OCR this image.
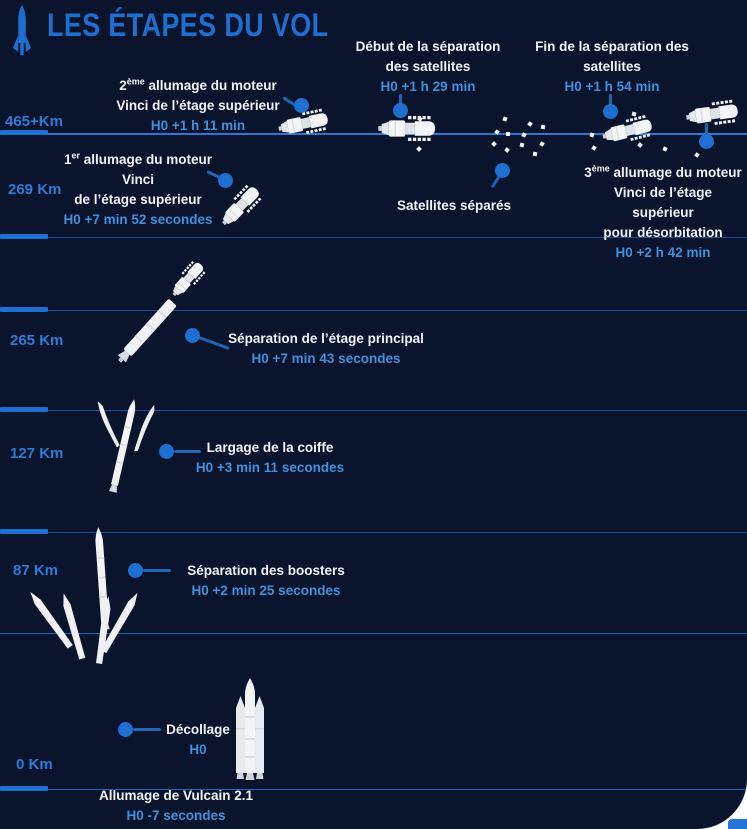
LES ÉTAPES DU VOL
465+Km
269 Km
265 Km
127 Km
87 Km
0 Km
2ème allumage du moteur
Vinci de l’étage supérieur
H0 +1 h 11 min
Début de la séparation
des satellites
H0 +1 h 29 min
Fin de la séparation des
satellites
H0 +1 h 54 min
1er allumage du moteur Vinci
de l’étage supérieur
H0 +7 min 52 secondes
Satellites séparés
3ème allumage du moteur
Vinci de l’étage supérieur
pour désorbitation
H0 +2 h 42 min
Séparation de l’étage principal
H0 +7 min 43 secondes
Largage de la coiffe
H0 +3 min 11 secondes
Séparation des boosters
H0 +2 min 25 secondes
Décollage
H0
Allumage de Vulcain 2.1
H0 -7 secondes
